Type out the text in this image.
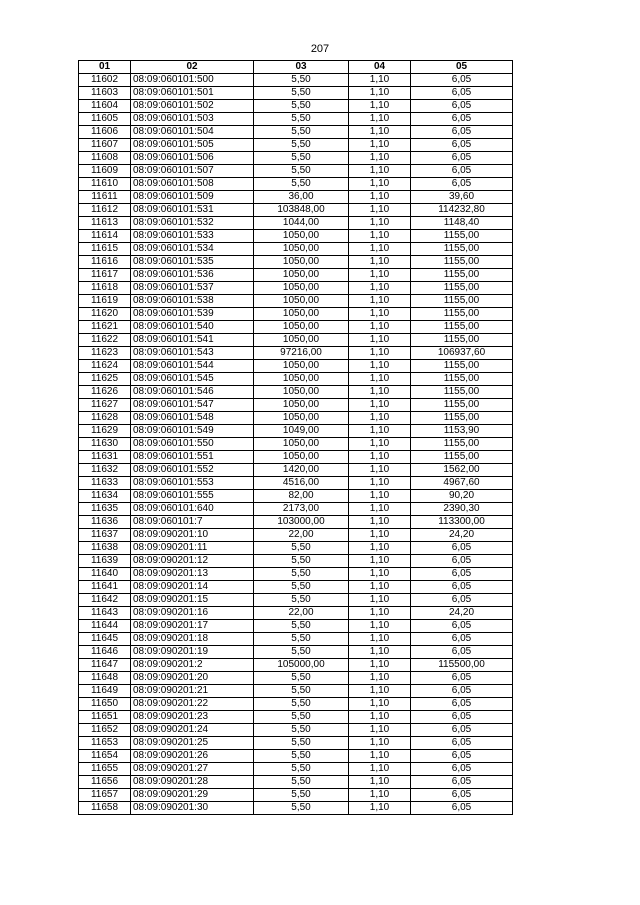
207
01	02	03	04	05
11602	08:09:060101:500	5,50	1,10	6,05
11603	08:09:060101:501	5,50	1,10	6,05
11604	08:09:060101:502	5,50	1,10	6,05
11605	08:09:060101:503	5,50	1,10	6,05
11606	08:09:060101:504	5,50	1,10	6,05
11607	08:09:060101:505	5,50	1,10	6,05
11608	08:09:060101:506	5,50	1,10	6,05
11609	08:09:060101:507	5,50	1,10	6,05
11610	08:09:060101:508	5,50	1,10	6,05
11611	08:09:060101:509	36,00	1,10	39,60
11612	08:09:060101:531	103848,00	1,10	114232,80
11613	08:09:060101:532	1044,00	1,10	1148,40
11614	08:09:060101:533	1050,00	1,10	1155,00
11615	08:09:060101:534	1050,00	1,10	1155,00
11616	08:09:060101:535	1050,00	1,10	1155,00
11617	08:09:060101:536	1050,00	1,10	1155,00
11618	08:09:060101:537	1050,00	1,10	1155,00
11619	08:09:060101:538	1050,00	1,10	1155,00
11620	08:09:060101:539	1050,00	1,10	1155,00
11621	08:09:060101:540	1050,00	1,10	1155,00
11622	08:09:060101:541	1050,00	1,10	1155,00
11623	08:09:060101:543	97216,00	1,10	106937,60
11624	08:09:060101:544	1050,00	1,10	1155,00
11625	08:09:060101:545	1050,00	1,10	1155,00
11626	08:09:060101:546	1050,00	1,10	1155,00
11627	08:09:060101:547	1050,00	1,10	1155,00
11628	08:09:060101:548	1050,00	1,10	1155,00
11629	08:09:060101:549	1049,00	1,10	1153,90
11630	08:09:060101:550	1050,00	1,10	1155,00
11631	08:09:060101:551	1050,00	1,10	1155,00
11632	08:09:060101:552	1420,00	1,10	1562,00
11633	08:09:060101:553	4516,00	1,10	4967,60
11634	08:09:060101:555	82,00	1,10	90,20
11635	08:09:060101:640	2173,00	1,10	2390,30
11636	08:09:060101:7	103000,00	1,10	113300,00
11637	08:09:090201:10	22,00	1,10	24,20
11638	08:09:090201:11	5,50	1,10	6,05
11639	08:09:090201:12	5,50	1,10	6,05
11640	08:09:090201:13	5,50	1,10	6,05
11641	08:09:090201:14	5,50	1,10	6,05
11642	08:09:090201:15	5,50	1,10	6,05
11643	08:09:090201:16	22,00	1,10	24,20
11644	08:09:090201:17	5,50	1,10	6,05
11645	08:09:090201:18	5,50	1,10	6,05
11646	08:09:090201:19	5,50	1,10	6,05
11647	08:09:090201:2	105000,00	1,10	115500,00
11648	08:09:090201:20	5,50	1,10	6,05
11649	08:09:090201:21	5,50	1,10	6,05
11650	08:09:090201:22	5,50	1,10	6,05
11651	08:09:090201:23	5,50	1,10	6,05
11652	08:09:090201:24	5,50	1,10	6,05
11653	08:09:090201:25	5,50	1,10	6,05
11654	08:09:090201:26	5,50	1,10	6,05
11655	08:09:090201:27	5,50	1,10	6,05
11656	08:09:090201:28	5,50	1,10	6,05
11657	08:09:090201:29	5,50	1,10	6,05
11658	08:09:090201:30	5,50	1,10	6,05
